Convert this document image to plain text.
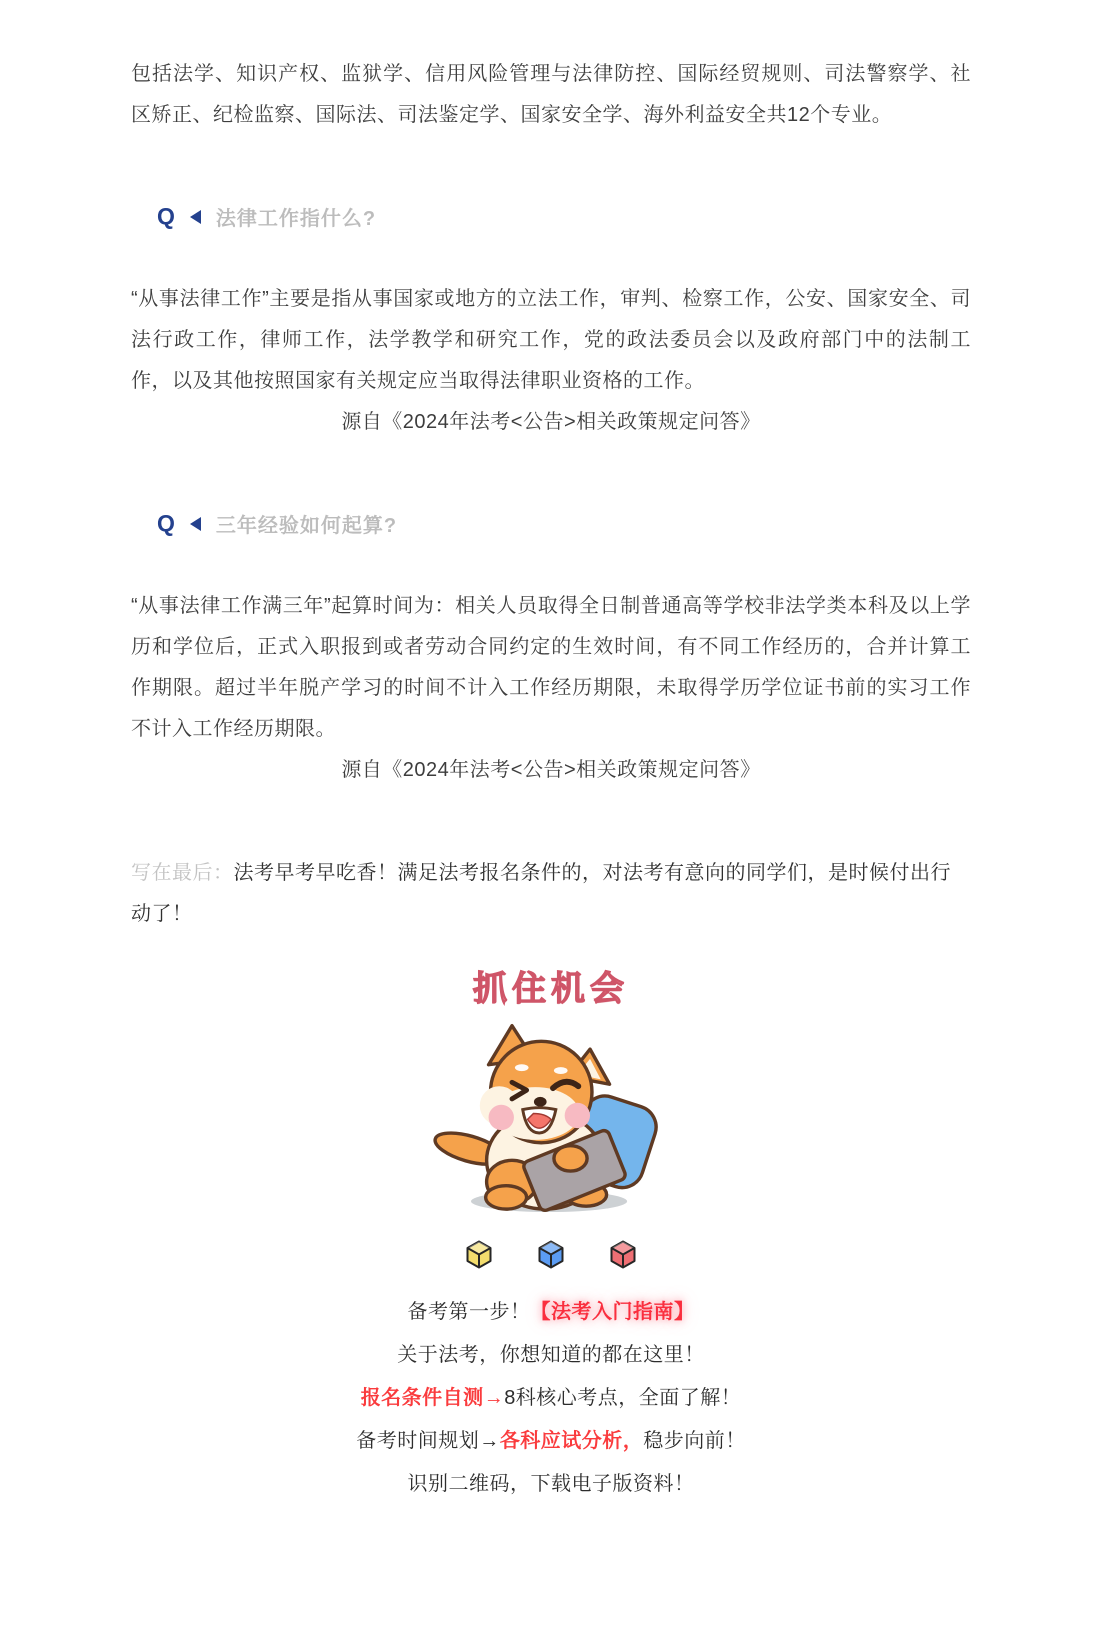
包括法学、知识产权、监狱学、信用风险管理与法律防控、国际经贸规则、司法警察学、社区矫正、纪检监察、国际法、司法鉴定学、国家安全学、海外利益安全共12个专业。

Q 法律工作指什么?

“从事法律工作”主要是指从事国家或地方的立法工作，审判、检察工作，公安、国家安全、司法行政工作，律师工作，法学教学和研究工作，党的政法委员会以及政府部门中的法制工作，以及其他按照国家有关规定应当取得法律职业资格的工作。

源自《2024年法考<公告>相关政策规定问答》

Q 三年经验如何起算?

“从事法律工作满三年”起算时间为：相关人员取得全日制普通高等学校非法学类本科及以上学历和学位后，正式入职报到或者劳动合同约定的生效时间，有不同工作经历的，合并计算工作期限。超过半年脱产学习的时间不计入工作经历期限，未取得学历学位证书前的实习工作不计入工作经历期限。

源自《2024年法考<公告>相关政策规定问答》

写在最后：法考早考早吃香！满足法考报名条件的，对法考有意向的同学们，是时候付出行动了！

抓住机会

备考第一步！【法考入门指南】

关于法考，你想知道的都在这里！

报名条件自测→8科核心考点，全面了解！

备考时间规划→各科应试分析，稳步向前！

识别二维码，下载电子版资料！
